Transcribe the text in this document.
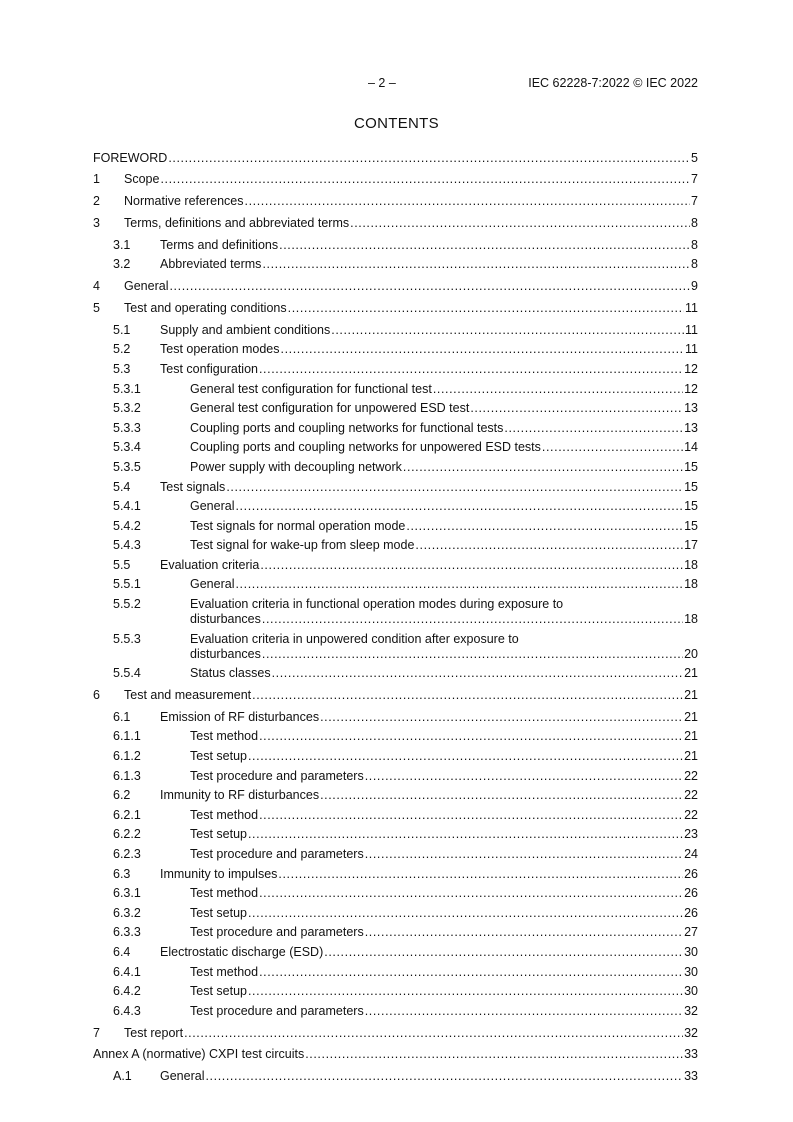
– 2 –	IEC 62228-7:2022 © IEC 2022
CONTENTS
FOREWORD .....	5
1 Scope .....	7
2 Normative references .....	7
3 Terms, definitions and abbreviated terms .....	8
3.1 Terms and definitions .....	8
3.2 Abbreviated terms .....	8
4 General .....	9
5 Test and operating conditions .....	11
5.1 Supply and ambient conditions .....	11
5.2 Test operation modes .....	11
5.3 Test configuration .....	12
5.3.1	General test configuration for functional test .....	12
5.3.2	General test configuration for unpowered ESD test .....	13
5.3.3	Coupling ports and coupling networks for functional tests .....	13
5.3.4	Coupling ports and coupling networks for unpowered ESD tests .....	14
5.3.5	Power supply with decoupling network .....	15
5.4 Test signals .....	15
5.4.1	General .....	15
5.4.2	Test signals for normal operation mode .....	15
5.4.3	Test signal for wake-up from sleep mode .....	17
5.5 Evaluation criteria .....	18
5.5.1	General .....	18
5.5.2	Evaluation criteria in functional operation modes during exposure to
disturbances .....	18
5.5.3	Evaluation criteria in unpowered condition after exposure to
disturbances .....	20
5.5.4	Status classes .....	21
6 Test and measurement .....	21
6.1 Emission of RF disturbances .....	21
6.1.1	Test method .....	21
6.1.2	Test setup .....	21
6.1.3	Test procedure and parameters .....	22
6.2 Immunity to RF disturbances .....	22
6.2.1	Test method .....	22
6.2.2	Test setup .....	23
6.2.3	Test procedure and parameters .....	24
6.3 Immunity to impulses .....	26
6.3.1	Test method .....	26
6.3.2	Test setup .....	26
6.3.3	Test procedure and parameters .....	27
6.4 Electrostatic discharge (ESD) .....	30
6.4.1	Test method .....	30
6.4.2	Test setup .....	30
6.4.3	Test procedure and parameters .....	32
7 Test report .....	32
Annex A (normative) CXPI test circuits .....	33
A.1 General .....	33
